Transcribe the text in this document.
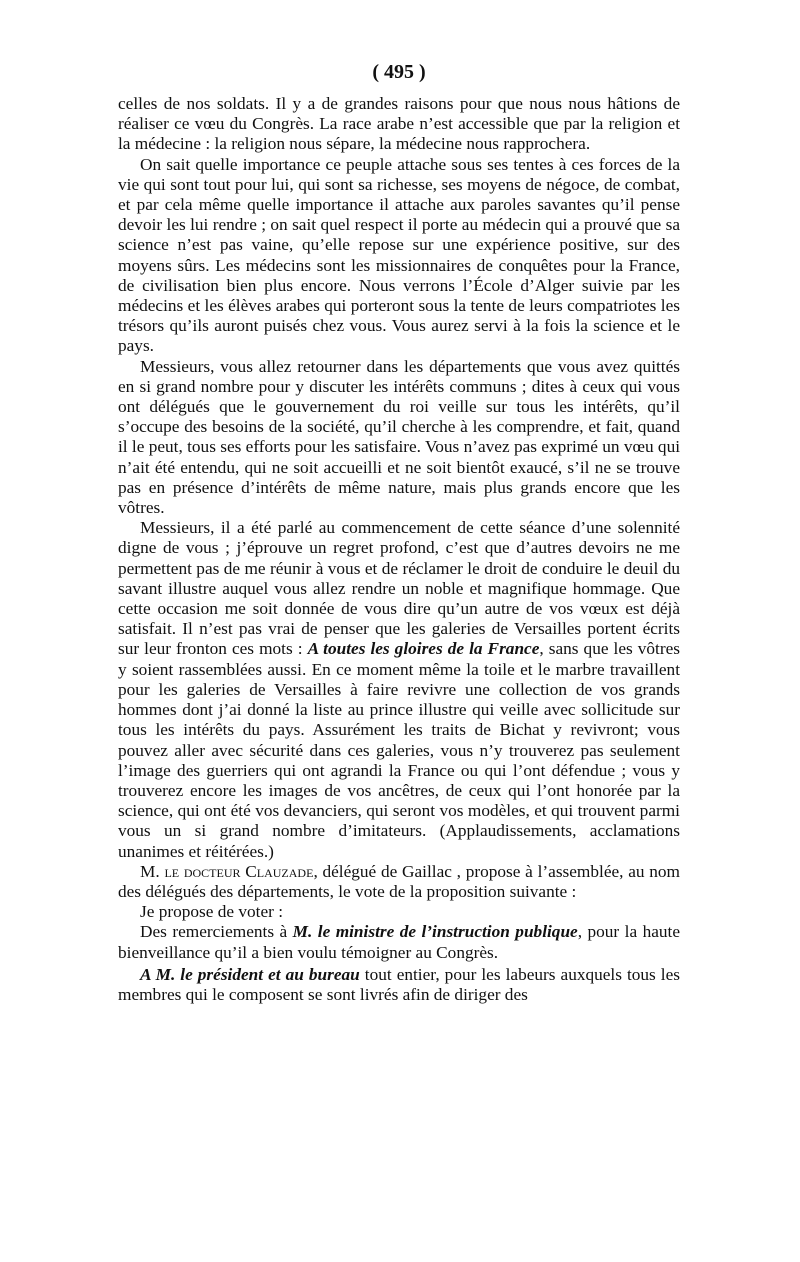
( 495 )

celles de nos soldats. Il y a de grandes raisons pour que nous nous hâtions de réaliser ce vœu du Congrès. La race arabe n’est accessible que par la religion et la médecine : la religion nous sépare, la médecine nous rapprochera.

On sait quelle importance ce peuple attache sous ses tentes à ces forces de la vie qui sont tout pour lui, qui sont sa richesse, ses moyens de négoce, de combat, et par cela même quelle importance il attache aux paroles savantes qu’il pense devoir les lui rendre ; on sait quel respect il porte au médecin qui a prouvé que sa science n’est pas vaine, qu’elle repose sur une expérience positive, sur des moyens sûrs. Les médecins sont les missionnaires de conquêtes pour la France, de civilisation bien plus encore. Nous verrons l’École d’Alger suivie par les médecins et les élèves arabes qui porteront sous la tente de leurs compatriotes les trésors qu’ils auront puisés chez vous. Vous aurez servi à la fois la science et le pays.

Messieurs, vous allez retourner dans les départements que vous avez quittés en si grand nombre pour y discuter les intérêts communs ; dites à ceux qui vous ont délégués que le gouvernement du roi veille sur tous les intérêts, qu’il s’occupe des besoins de la société, qu’il cherche à les comprendre, et fait, quand il le peut, tous ses efforts pour les satisfaire. Vous n’avez pas exprimé un vœu qui n’ait été entendu, qui ne soit accueilli et ne soit bientôt exaucé, s’il ne se trouve pas en présence d’intérêts de même nature, mais plus grands encore que les vôtres.

Messieurs, il a été parlé au commencement de cette séance d’une solennité digne de vous ; j’éprouve un regret profond, c’est que d’autres devoirs ne me permettent pas de me réunir à vous et de réclamer le droit de conduire le deuil du savant illustre auquel vous allez rendre un noble et magnifique hommage. Que cette occasion me soit donnée de vous dire qu’un autre de vos vœux est déjà satisfait. Il n’est pas vrai de penser que les galeries de Versailles portent écrits sur leur fronton ces mots : A toutes les gloires de la France, sans que les vôtres y soient rassemblées aussi. En ce moment même la toile et le marbre travaillent pour les galeries de Versailles à faire revivre une collection de vos grands hommes dont j’ai donné la liste au prince illustre qui veille avec sollicitude sur tous les intérêts du pays. Assurément les traits de Bichat y revivront; vous pouvez aller avec sécurité dans ces galeries, vous n’y trouverez pas seulement l’image des guerriers qui ont agrandi la France ou qui l’ont défendue ; vous y trouverez encore les images de vos ancêtres, de ceux qui l’ont honorée par la science, qui ont été vos devanciers, qui seront vos modèles, et qui trouvent parmi vous un si grand nombre d’imitateurs. (Applaudissements, acclamations unanimes et réitérées.)

M. le docteur Clauzade, délégué de Gaillac , propose à l’assemblée, au nom des délégués des départements, le vote de la proposition suivante :

Je propose de voter :

Des remerciements à M. le ministre de l’instruction publique, pour la haute bienveillance qu’il a bien voulu témoigner au Congrès.

A M. le président et au bureau tout entier, pour les labeurs auxquels tous les membres qui le composent se sont livrés afin de diriger des
